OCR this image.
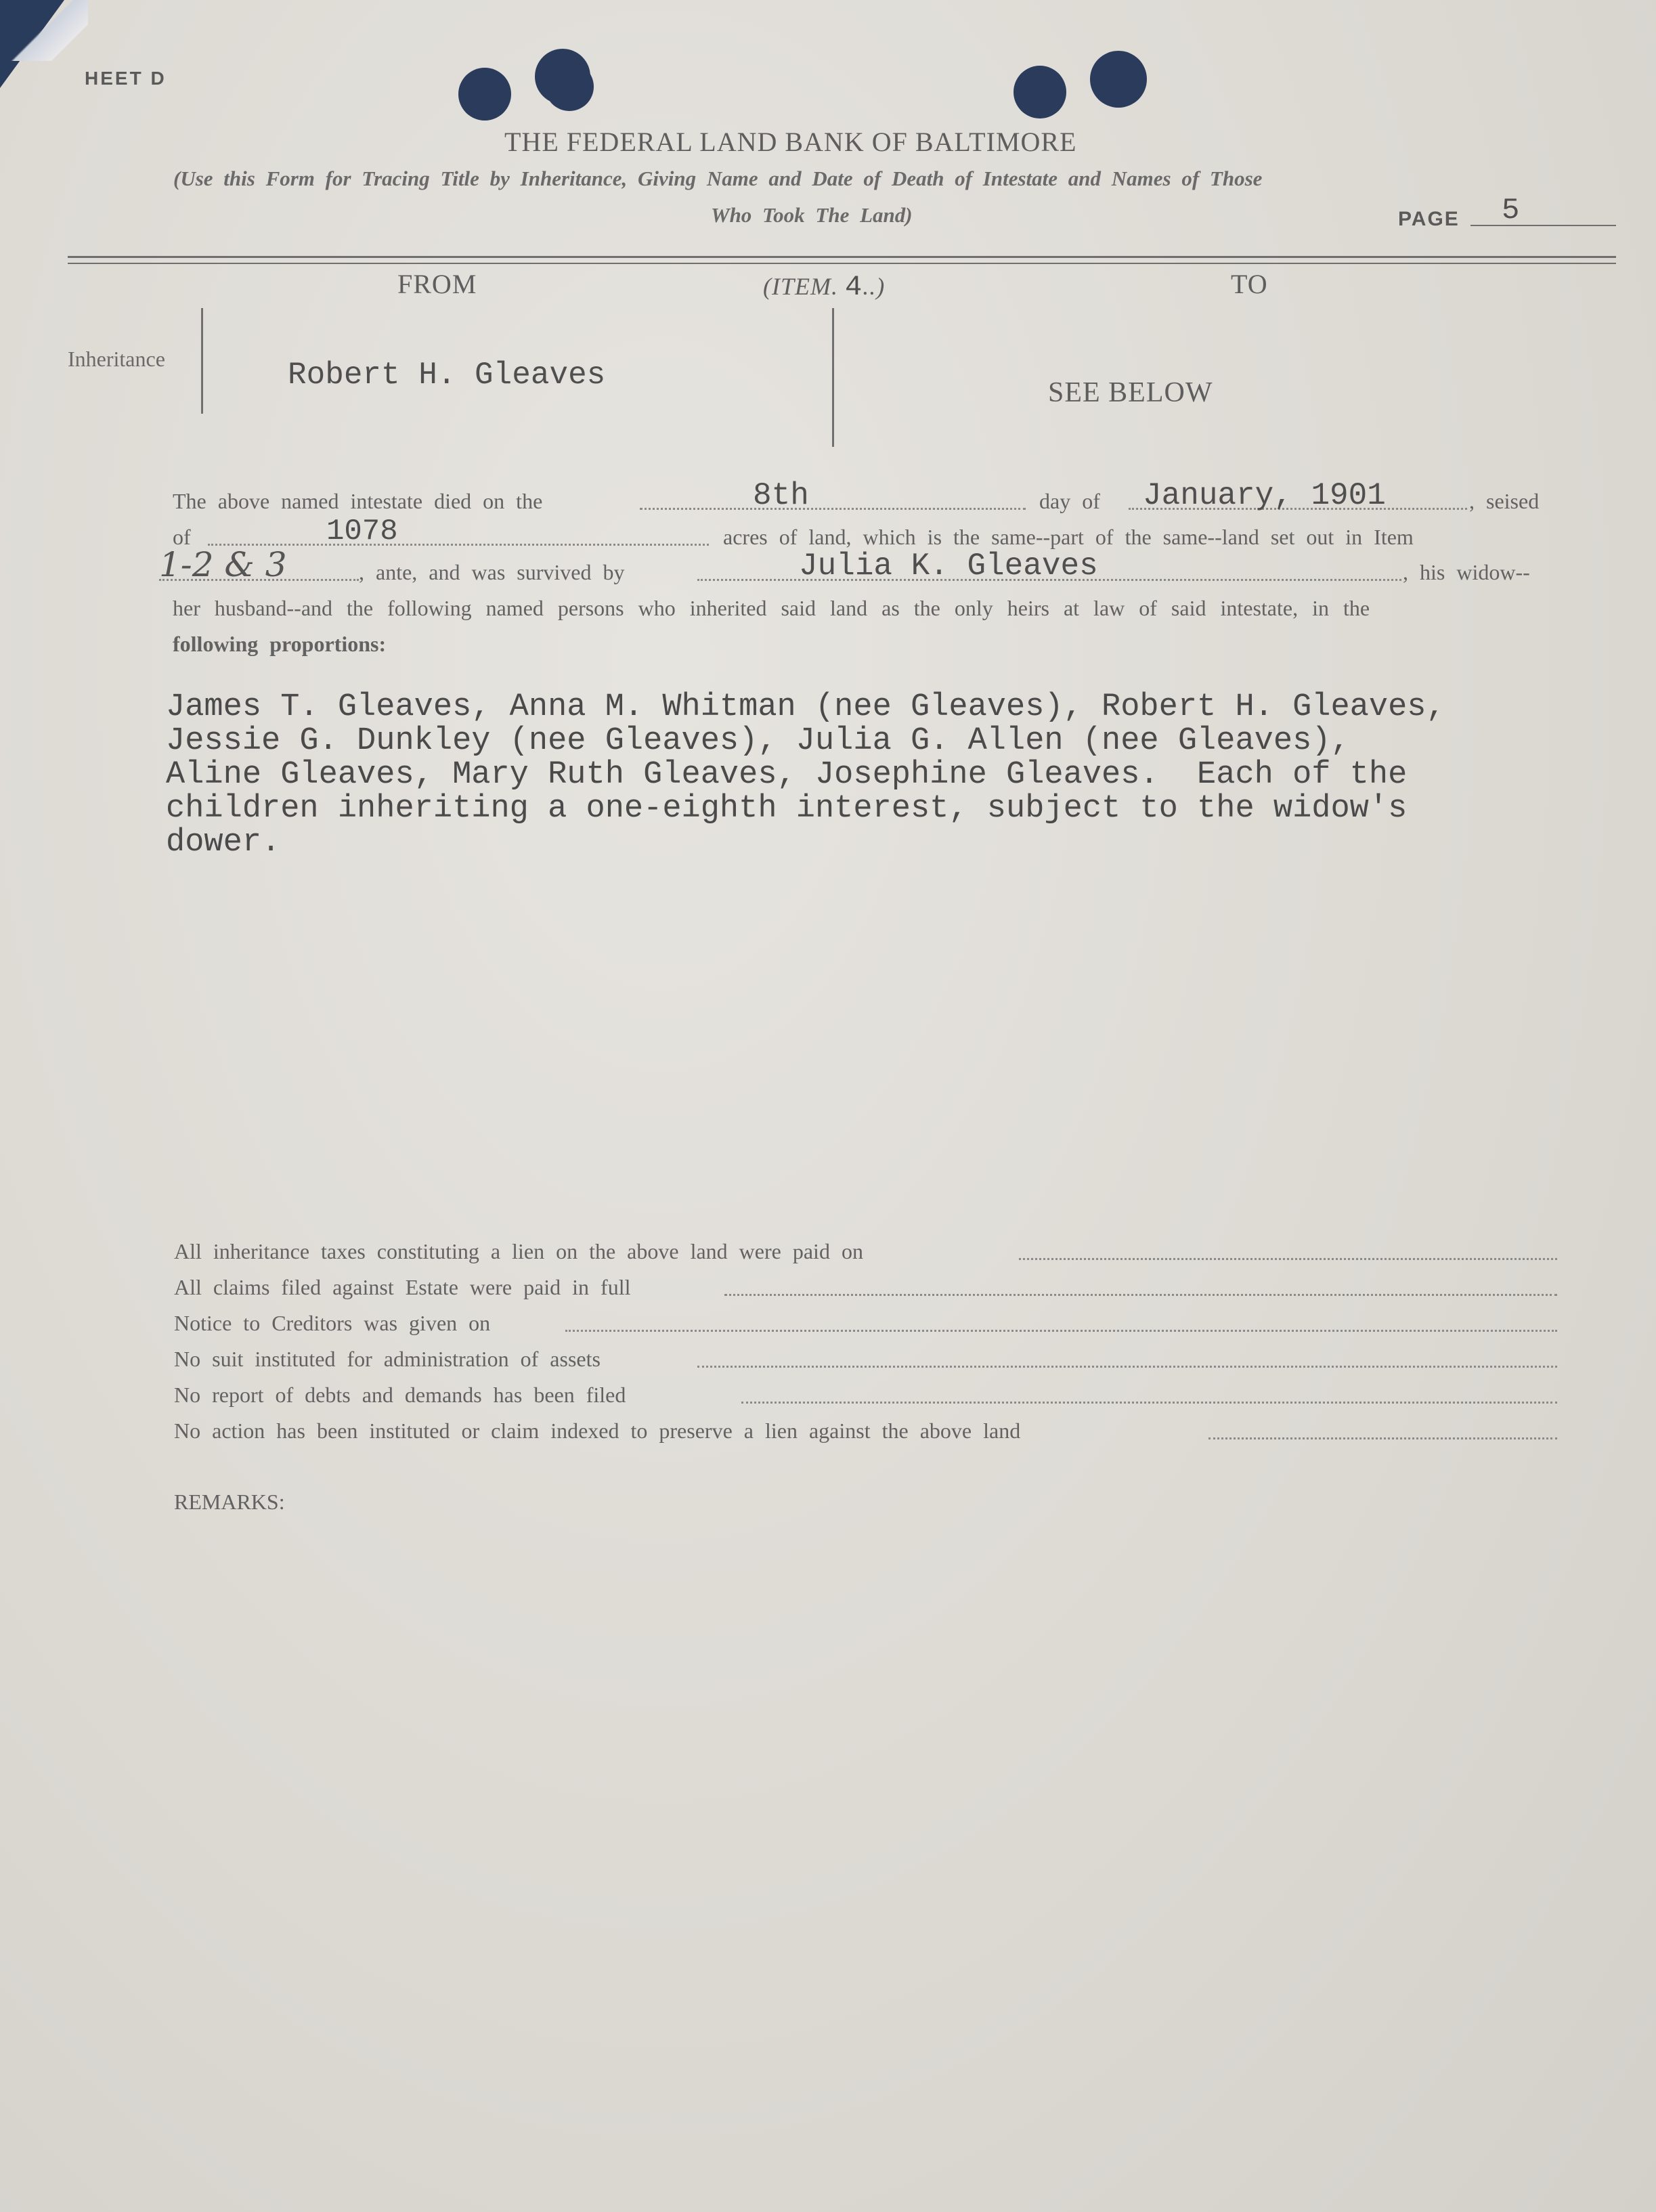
HEET D
THE FEDERAL LAND BANK OF BALTIMORE
(Use this Form for Tracing Title by Inheritance, Giving Name and Date of Death of Intestate and Names of Those
Who Took The Land)	PAGE 5
FROM	(ITEM. 4..)	TO
Inheritance	Robert H. Gleaves	SEE BELOW
The above named intestate died on the	8th	day of January, 1901	, seised
of	1078	acres of land, which is the same--part of the same--land set out in Item
1-2 & 3	, ante, and was survived by	Julia K. Gleaves	, his widow--
her husband--and the following named persons who inherited said land as the only heirs at law of said intestate, in the
following proportions:
James T. Gleaves, Anna M. Whitman (nee Gleaves), Robert H. Gleaves,
Jessie G. Dunkley (nee Gleaves), Julia G. Allen (nee Gleaves),
Aline Gleaves, Mary Ruth Gleaves, Josephine Gleaves.  Each of the
children inheriting a one-eighth interest, subject to the widow's
dower.
All inheritance taxes constituting a lien on the above land were paid on
All claims filed against Estate were paid in full
Notice to Creditors was given on
No suit instituted for administration of assets
No report of debts and demands has been filed
No action has been instituted or claim indexed to preserve a lien against the above land
REMARKS:
